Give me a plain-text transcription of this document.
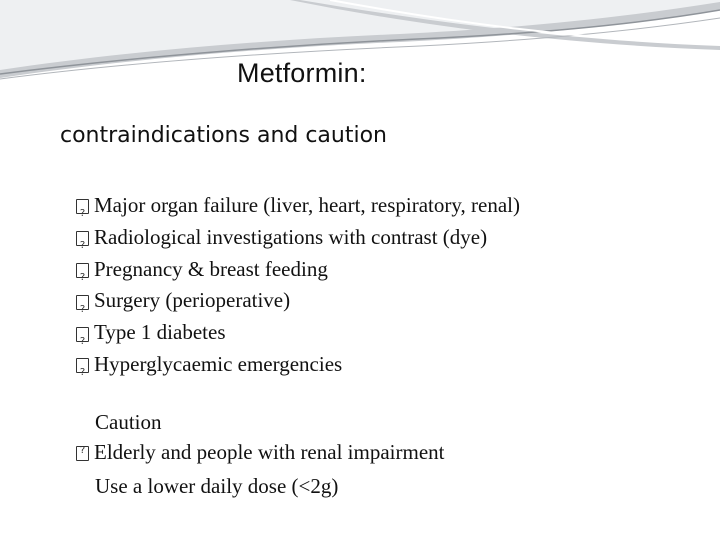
Metformin:
contraindications and caution
?
Major organ failure (liver, heart, respiratory, renal)
?
Radiological investigations with contrast (dye)
?
Pregnancy & breast feeding
?
Surgery (perioperative)
?
Type 1 diabetes
?
Hyperglycaemic emergencies
Caution
?
Elderly and people with renal impairment
Use a lower daily dose (<2g)
